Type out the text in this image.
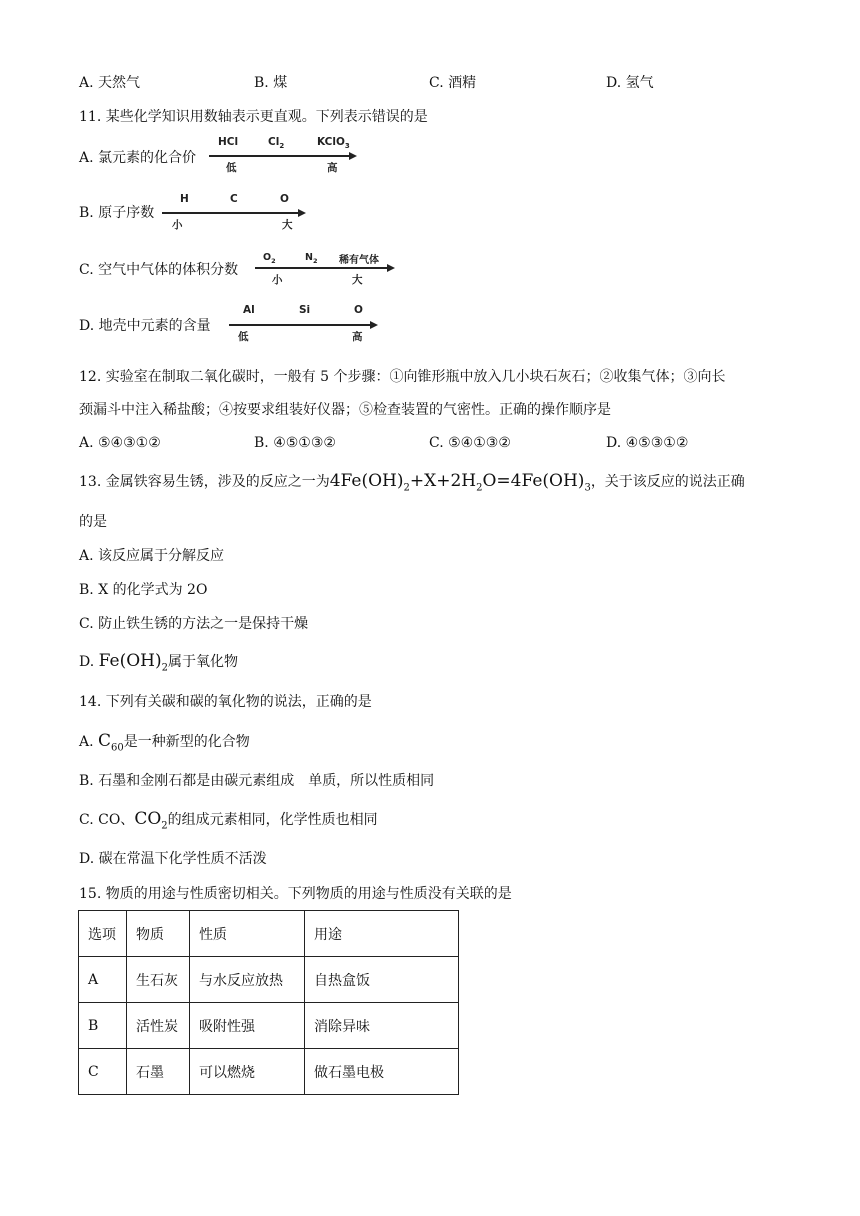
A. 天然气	B. 煤	C. 酒精	D. 氢气
11. 某些化学知识用数轴表示更直观。下列表示错误的是
A. 氯元素的化合价
HCl	$Cl_2$	KClO$_3$
低	高
B. 原子序数
H	C	O
小	大
C. 空气中气体的体积分数
$O_2$	$N_2$ 稀有气体
小	大
D. 地壳中元素的含量
Al	Si	O
低	高
12. 实验室在制取二氧化碳时，一般有 5 个步骤：①向锥形瓶中放入几小块石灰石；②收集气体；③向长
颈漏斗中注入稀盐酸；④按要求组装好仪器；⑤检查装置的气密性。正确的操作顺序是
A. ⑤④③①②	B. ④⑤①③②	C. ⑤④①③②	D. ④⑤③①②
13. 金属铁容易生锈，涉及的反应之一为$4Fe(OH)_2+X+2H_2O=4Fe(OH)_3$，关于该反应的说法正确
的是
A. 该反应属于分解反应
B. X 的化学式为 2O
C. 防止铁生锈的方法之一是保持干燥
D. $Fe(OH)_2$属于氧化物
14. 下列有关碳和碳的氧化物的说法，正确的是
A. $C_{60}$是一种新型的化合物
B. 石墨和金刚石都是由碳元素组成　单质，所以性质相同
C. CO、$CO_2$的组成元素相同，化学性质也相同
D. 碳在常温下化学性质不活泼
15. 物质的用途与性质密切相关。下列物质的用途与性质没有关联的是
选项	物质	性质	用途
A	生石灰	与水反应放热	自热盒饭
B	活性炭	吸附性强	消除异味
C	石墨	可以燃烧	做石墨电极
